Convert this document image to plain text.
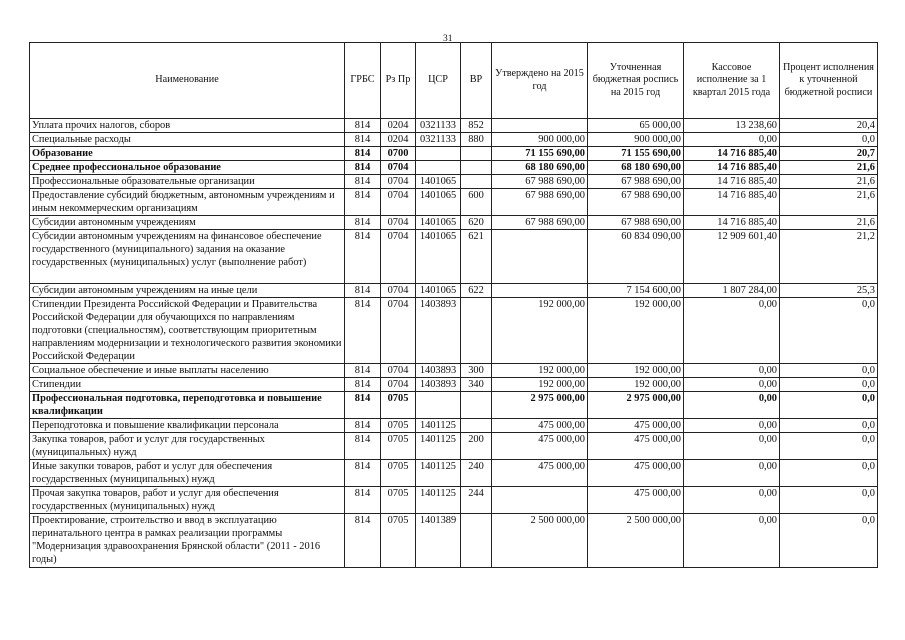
31
Наименование	ГРБС	Рз Пр	ЦСР	ВР	Утверждено на 2015 год	Уточненная бюджетная роспись на 2015 год	Кассовое исполнение за 1 квартал 2015 года	Процент исполнения к уточненной бюджетной росписи
Уплата прочих налогов, сборов	814	0204	0321133	852		65 000,00	13 238,60	20,4
Специальные расходы	814	0204	0321133	880	900 000,00	900 000,00	0,00	0,0
Образование	814	0700			71 155 690,00	71 155 690,00	14 716 885,40	20,7
Среднее профессиональное образование	814	0704			68 180 690,00	68 180 690,00	14 716 885,40	21,6
Профессиональные образовательные организации	814	0704	1401065		67 988 690,00	67 988 690,00	14 716 885,40	21,6
Предоставление субсидий бюджетным, автономным учреждениям и иным некоммерческим организациям	814	0704	1401065	600	67 988 690,00	67 988 690,00	14 716 885,40	21,6
Субсидии автономным учреждениям	814	0704	1401065	620	67 988 690,00	67 988 690,00	14 716 885,40	21,6
Субсидии автономным учреждениям на финансовое обеспечение государственного (муниципального) задания на оказание государственных (муниципальных) услуг (выполнение работ)	814	0704	1401065	621		60 834 090,00	12 909 601,40	21,2
Субсидии автономным учреждениям на иные цели	814	0704	1401065	622		7 154 600,00	1 807 284,00	25,3
Стипендии Президента Российской Федерации и Правительства Российской Федерации для обучающихся по направлениям подготовки (специальностям), соответствующим приоритетным направлениям модернизации и технологического развития экономики Российской Федерации	814	0704	1403893		192 000,00	192 000,00	0,00	0,0
Социальное обеспечение и иные выплаты населению	814	0704	1403893	300	192 000,00	192 000,00	0,00	0,0
Стипендии	814	0704	1403893	340	192 000,00	192 000,00	0,00	0,0
Профессиональная подготовка, переподготовка и повышение квалификации	814	0705			2 975 000,00	2 975 000,00	0,00	0,0
Переподготовка и повышение квалификации персонала	814	0705	1401125		475 000,00	475 000,00	0,00	0,0
Закупка товаров, работ и услуг для государственных (муниципальных) нужд	814	0705	1401125	200	475 000,00	475 000,00	0,00	0,0
Иные закупки товаров, работ и услуг для обеспечения государственных (муниципальных) нужд	814	0705	1401125	240	475 000,00	475 000,00	0,00	0,0
Прочая закупка товаров, работ и услуг для обеспечения государственных (муниципальных) нужд	814	0705	1401125	244		475 000,00	0,00	0,0
Проектирование, строительство и ввод в эксплуатацию перинатального центра в рамках реализации программы "Модернизация здравоохранения Брянской области" (2011 - 2016 годы)	814	0705	1401389		2 500 000,00	2 500 000,00	0,00	0,0
